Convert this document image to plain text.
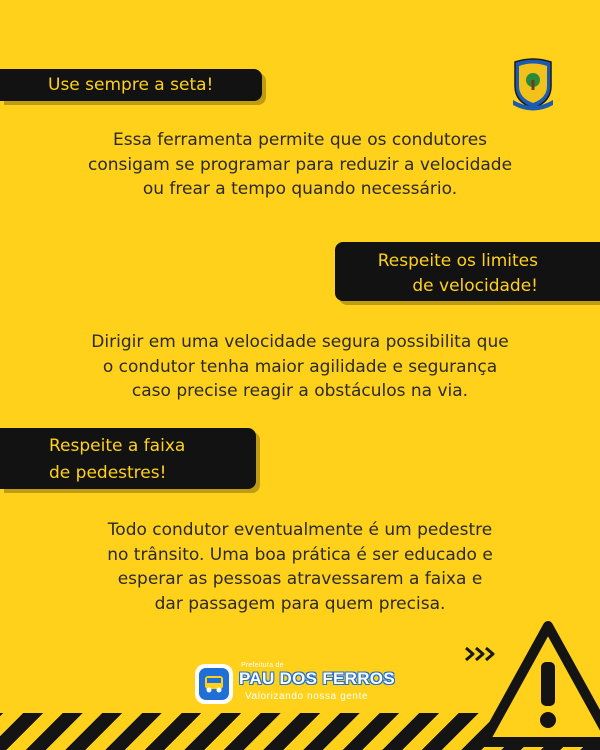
Use sempre a seta!
Essa ferramenta permite que os condutores
consigam se programar para reduzir a velocidade
ou frear a tempo quando necessário.
Respeite os limites
de velocidade!
Dirigir em uma velocidade segura possibilita que
o condutor tenha maior agilidade e segurança
caso precise reagir a obstáculos na via.
Respeite a faixa
de pedestres!
Todo condutor eventualmente é um pedestre
no trânsito. Uma boa prática é ser educado e
esperar as pessoas atravessarem a faixa e
dar passagem para quem precisa.
Prefeitura de
PAU DOS FERROS
Valorizando nossa gente
